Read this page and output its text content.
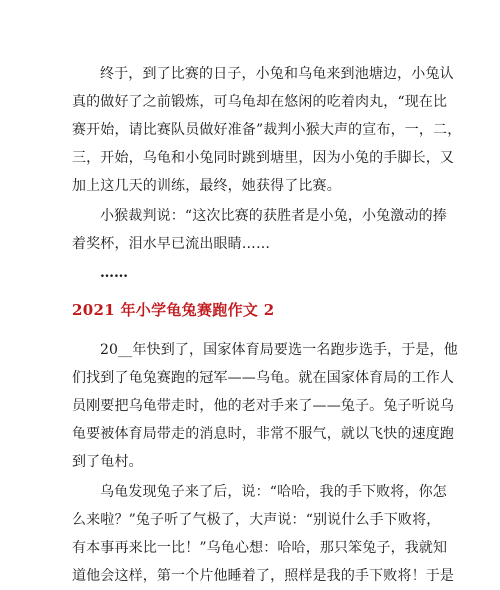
终于，到了比赛的日子，小兔和乌龟来到池塘边，小兔认
真的做好了之前锻炼，可乌龟却在悠闲的吃着肉丸，“现在比
赛开始，请比赛队员做好准备”裁判小猴大声的宣布，一，二，
三，开始，乌龟和小兔同时跳到塘里，因为小兔的手脚长，又
加上这几天的训练，最终，她获得了比赛。
小猴裁判说：“这次比赛的获胜者是小兔，小兔激动的捧
着奖杯，泪水早已流出眼睛……

……

2021 年小学龟兔赛跑作文 2
20__年快到了，国家体育局要选一名跑步选手，于是，他
们找到了龟兔赛跑的冠军——乌龟。就在国家体育局的工作人
员刚要把乌龟带走时，他的老对手来了——兔子。兔子听说乌
龟要被体育局带走的消息时，非常不服气，就以飞快的速度跑
到了龟村。
乌龟发现兔子来了后，说：“哈哈，我的手下败将，你怎
么来啦？”兔子听了气极了，大声说：“别说什么手下败将，
有本事再来比一比！”乌龟心想：哈哈，那只笨兔子，我就知
道他会这样，第一个片他睡着了，照样是我的手下败将！于是
